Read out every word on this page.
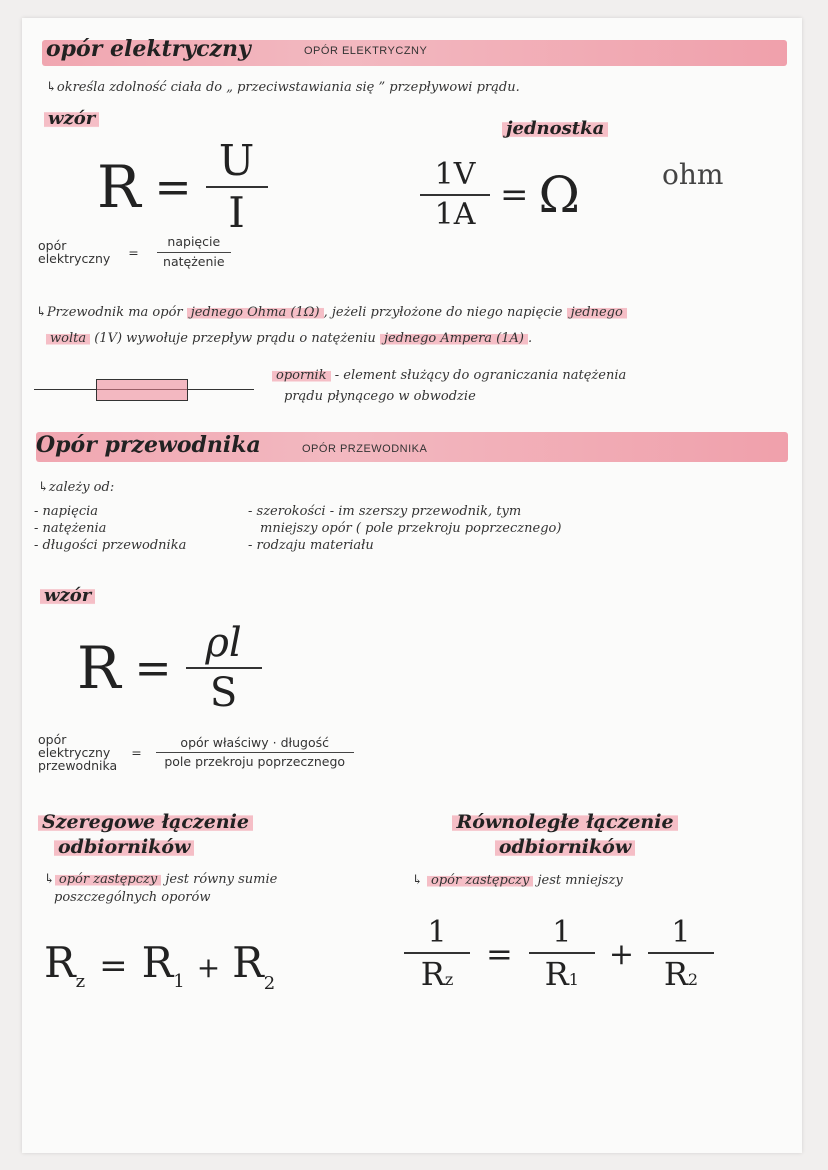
opór elektryczny	OPÓR ELEKTRYCZNY
↳określa zdolność ciała do „ przeciwstawiania się ” przepływowi prądu.
wzór	jednostka
$R = \frac{U}{I}$	$\frac{1V}{1A} = \Omega$	ohm
opór
elektryczny = $\frac{\text{napięcie}}{\text{natężenie}}$
↳Przewodnik ma opór jednego Ohma (1Ω) , jeżeli przyłożone do niego napięcie jednego
wolta (1V) wywołuje przepływ prądu o natężeniu jednego Ampera (1A) .
opornik - element służący do ograniczania natężenia
prądu płynącego w obwodzie
Opór przewodnika	OPÓR PRZEWODNIKA
↳zależy od:
- napięcia
- natężenia
- długości przewodnika
- szerokości - im szerszy przewodnik, tym
mniejszy opór ( pole przekroju poprzecznego)
- rodzaju materiału
wzór
$R = \frac{\rho l}{S}$
opór
elektryczny
przewodnika
= $\frac{\text{opór właściwy · długość}}{\text{pole przekroju poprzecznego}}$
Szeregowe łączenie
odbiorników
↳ opór zastępczy jest równy sumie
poszczególnych oporów
R z = R 1 + R 2
Równoległe łączenie
odbiorników
↳ opór zastępczy jest mniejszy
$\frac{1}{Rz} = \frac{1}{R1} + \frac{1}{R2}$
